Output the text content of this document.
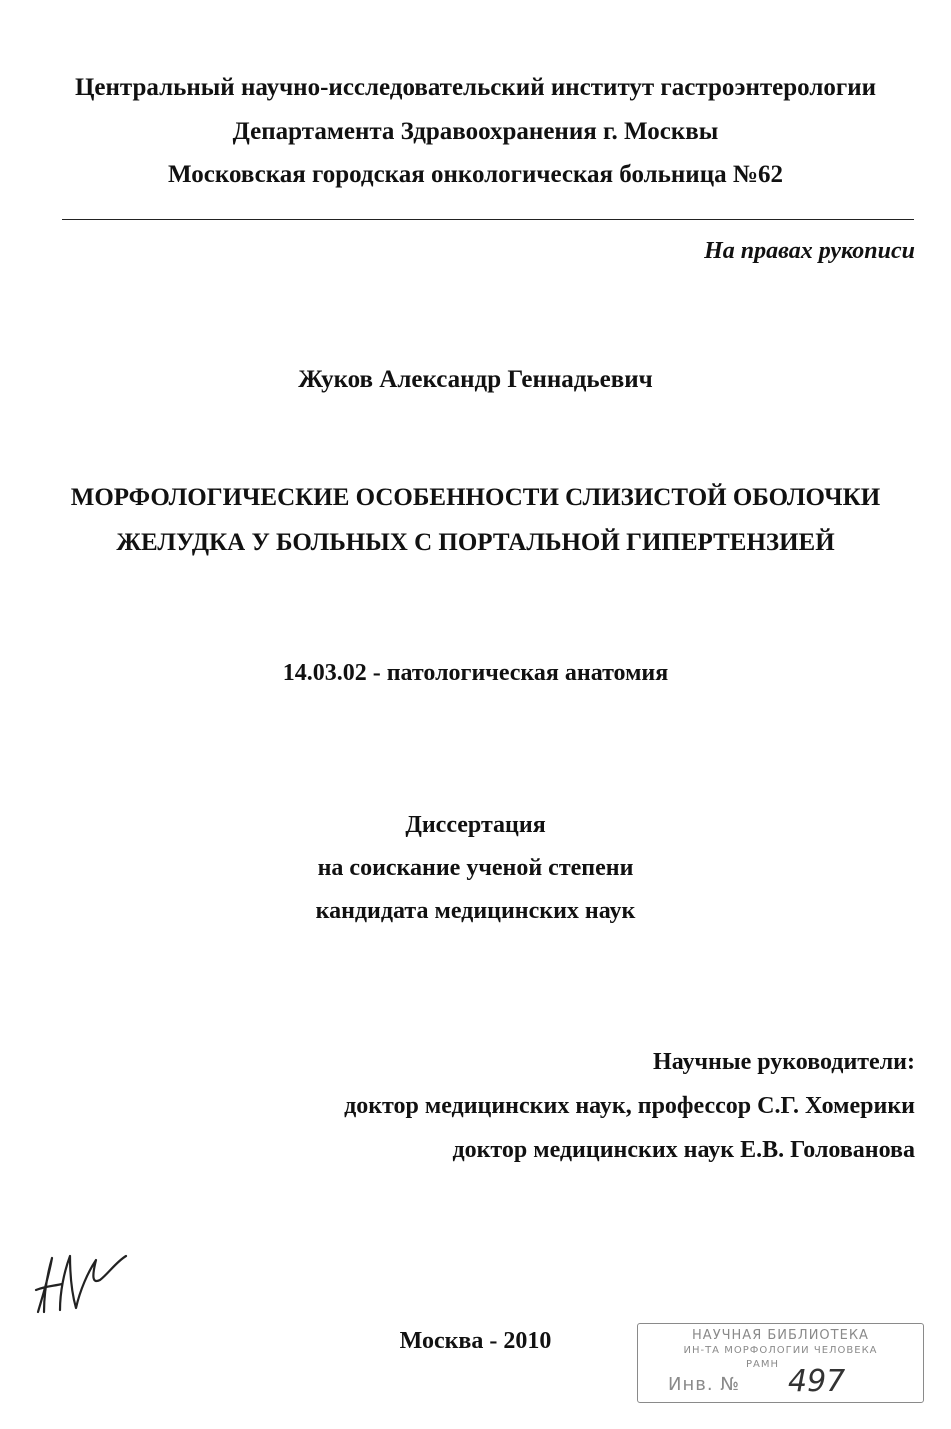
Центральный научно-исследовательский институт гастроэнтерологии
Департамента Здравоохранения г. Москвы
Московская городская онкологическая больница №62
На правах рукописи
Жуков Александр Геннадьевич
МОРФОЛОГИЧЕСКИЕ ОСОБЕННОСТИ СЛИЗИСТОЙ ОБОЛОЧКИ
ЖЕЛУДКА У БОЛЬНЫХ С ПОРТАЛЬНОЙ ГИПЕРТЕНЗИЕЙ
14.03.02 - патологическая анатомия
Диссертация
на соискание ученой степени
кандидата медицинских наук
Научные руководители:
доктор медицинских наук, профессор С.Г. Хомерики
доктор медицинских наук Е.В. Голованова
Москва - 2010	НАУЧНАЯ БИБЛИОТЕКА
ИН-ТА МОРФОЛОГИИ ЧЕЛОВЕКА
РАМН
Инв. № 497
